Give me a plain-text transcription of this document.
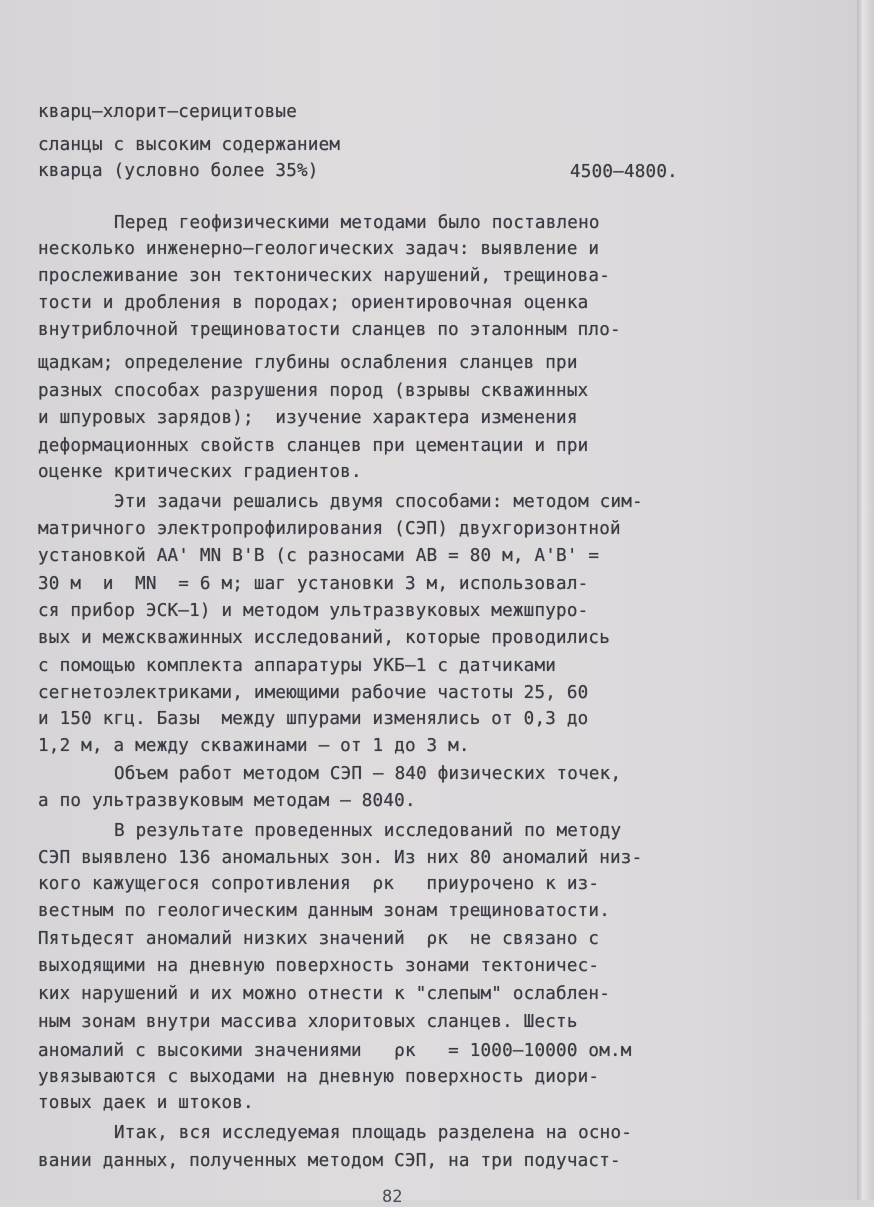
кварц–хлорит–серицитовые
сланцы с высоким содержанием
кварца (условно более 35%)	4500–4800.
Перед геофизическими методами было поставлено
несколько инженерно–геологических задач: выявление и
прослеживание зон тектонических нарушений, трещинова-
тости и дробления в породах; ориентировочная оценка
внутриблочной трещиноватости сланцев по эталонным пло-
щадкам; определение глубины ослабления сланцев при
разных способах разрушения пород (взрывы скважинных
и шпуровых зарядов);  изучение характера изменения
деформационных свойств сланцев при цементации и при
оценке критических градиентов.
Эти задачи решались двумя способами: методом сим-
матричного электропрофилирования (СЭП) двухгоризонтной
установкой АА' MN B'B (с разносами АВ = 80 м, А'В' =
30 м  и  MN  = 6 м; шаг установки 3 м, использовал-
ся прибор ЭСК–1) и методом ультразвуковых межшпуро-
вых и межскважинных исследований, которые проводились
с помощью комплекта аппаратуры УКБ–1 с датчиками
сегнетоэлектриками, имеющими рабочие частоты 25, 60
и 150 кгц. Базы  между шпурами изменялись от 0,3 до
1,2 м, а между скважинами – от 1 до 3 м.
Объем работ методом СЭП – 840 физических точек,
а по ультразвуковым методам – 8040.
В результате проведенных исследований по методу
СЭП выявлено 136 аномальных зон. Из них 80 аномалий низ-
кого кажущегося сопротивления  ρк   приурочено к из-
вестным по геологическим данным зонам трещиноватости.
Пятьдесят аномалий низких значений  ρк  не связано с
выходящими на дневную поверхность зонами тектоничес-
ких нарушений и их можно отнести к "слепым" ослаблен-
ным зонам внутри массива хлоритовых сланцев. Шесть
аномалий с высокими значениями   ρк   = 1000–10000 ом.м
увязываются с выходами на дневную поверхность диори-
товых даек и штоков.
Итак, вся исследуемая площадь разделена на осно-
вании данных, полученных методом СЭП, на три подучаст-
82
